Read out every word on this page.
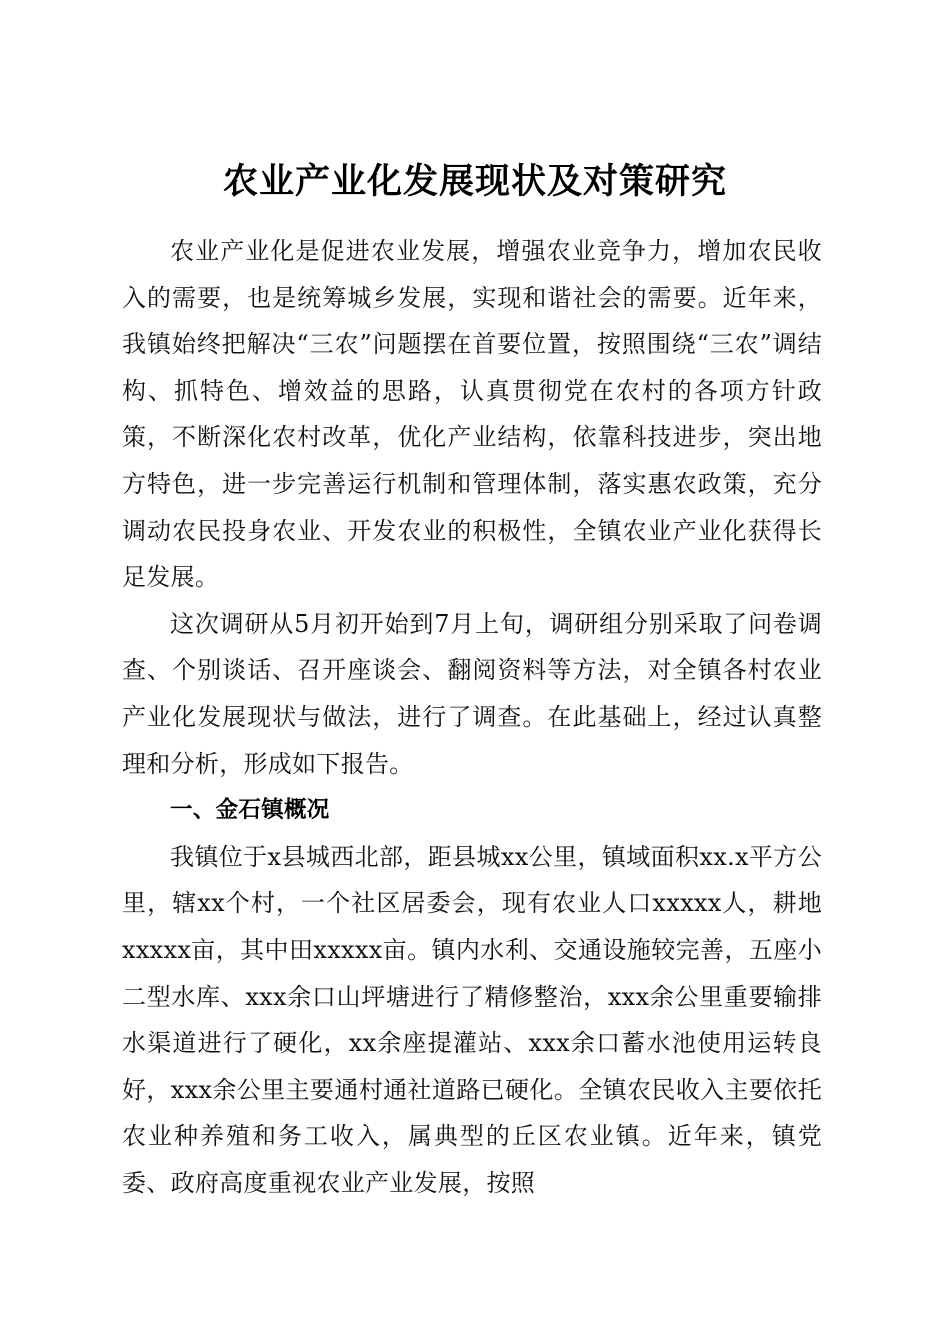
农业产业化发展现状及对策研究

农业产业化是促进农业发展，增强农业竞争力，增加农民收入的需要，也是统筹城乡发展，实现和谐社会的需要。近年来，我镇始终把解决“三农”问题摆在首要位置，按照围绕“三农”调结构、抓特色、增效益的思路，认真贯彻党在农村的各项方针政策，不断深化农村改革，优化产业结构，依靠科技进步，突出地方特色，进一步完善运行机制和管理体制，落实惠农政策，充分调动农民投身农业、开发农业的积极性，全镇农业产业化获得长足发展。

这次调研从5月初开始到7月上旬，调研组分别采取了问卷调查、个别谈话、召开座谈会、翻阅资料等方法，对全镇各村农业产业化发展现状与做法，进行了调查。在此基础上，经过认真整理和分析，形成如下报告。

一、金石镇概况

我镇位于x县城西北部，距县城xx公里，镇域面积xx.x平方公里，辖xx个村，一个社区居委会，现有农业人口xxxxx人，耕地xxxxx亩，其中田xxxxx亩。镇内水利、交通设施较完善，五座小二型水库、xxx余口山坪塘进行了精修整治，xxx余公里重要输排水渠道进行了硬化，xx余座提灌站、xxx余口蓄水池使用运转良好，xxx余公里主要通村通社道路已硬化。全镇农民收入主要依托农业种养殖和务工收入，属典型的丘区农业镇。近年来，镇党委、政府高度重视农业产业发展，按照
